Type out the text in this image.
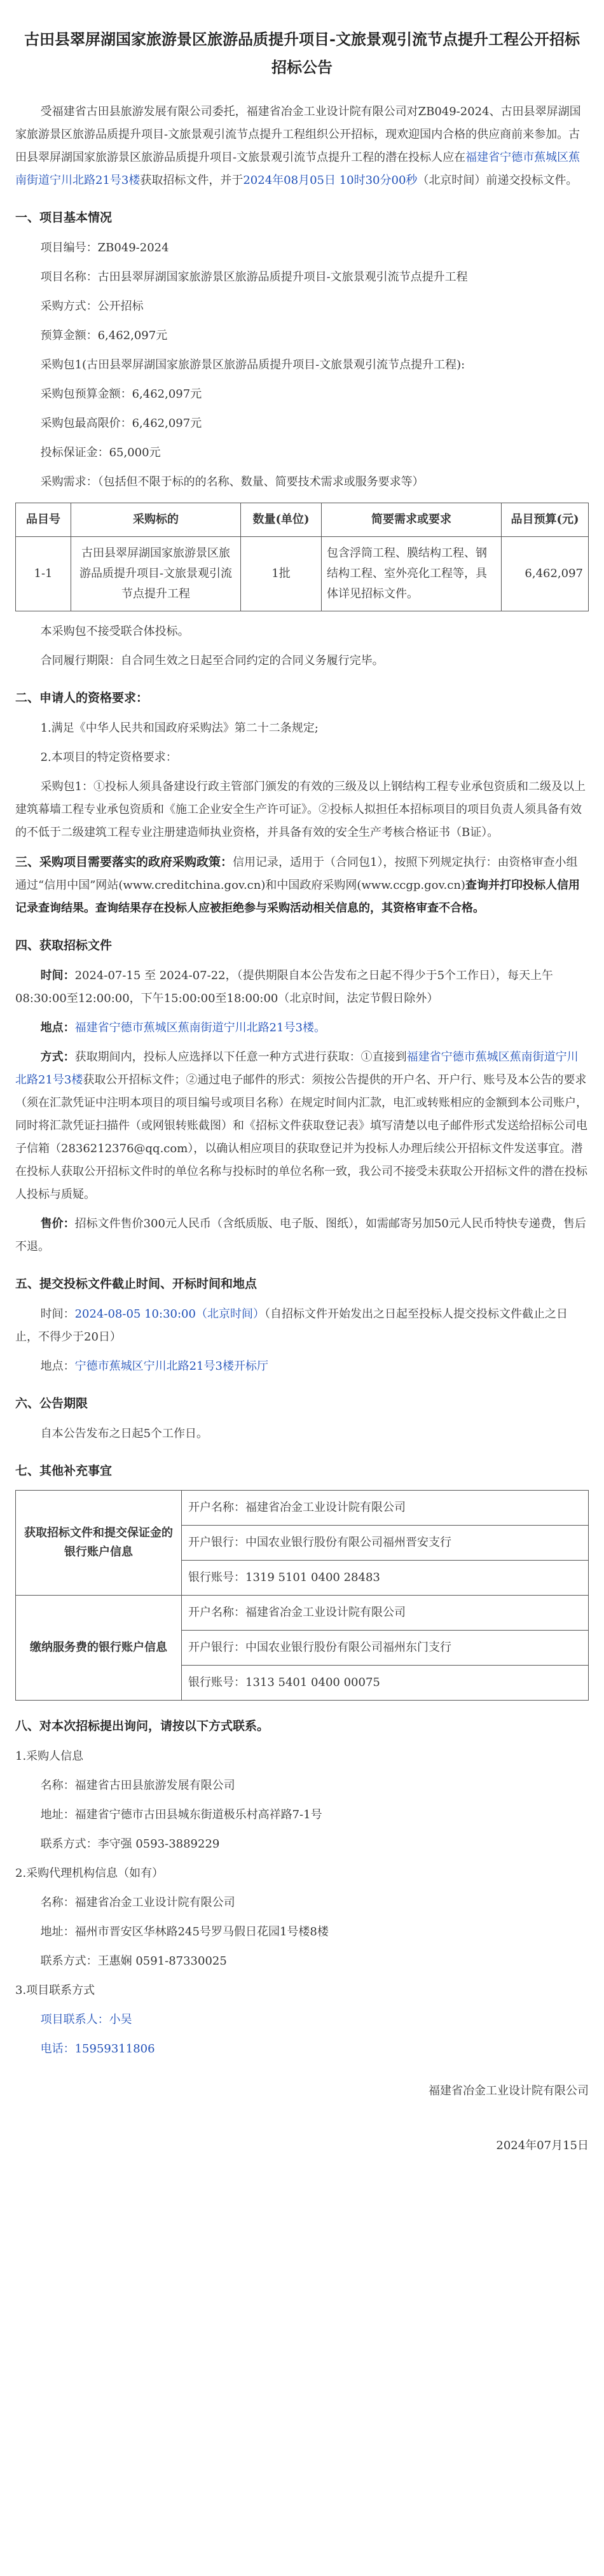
古田县翠屏湖国家旅游景区旅游品质提升项目-文旅景观引流节点提升工程公开招标招标公告

受福建省古田县旅游发展有限公司委托，福建省冶金工业设计院有限公司对ZB049-2024、古田县翠屏湖国家旅游景区旅游品质提升项目-文旅景观引流节点提升工程组织公开招标，现欢迎国内合格的供应商前来参加。古田县翠屏湖国家旅游景区旅游品质提升项目-文旅景观引流节点提升工程的潜在投标人应在福建省宁德市蕉城区蕉南街道宁川北路21号3楼获取招标文件，并于2024年08月05日 10时30分00秒（北京时间）前递交投标文件。

一、项目基本情况

项目编号：ZB049-2024

项目名称：古田县翠屏湖国家旅游景区旅游品质提升项目-文旅景观引流节点提升工程

采购方式：公开招标

预算金额：6,462,097元

采购包1(古田县翠屏湖国家旅游景区旅游品质提升项目-文旅景观引流节点提升工程):

采购包预算金额：6,462,097元

采购包最高限价：6,462,097元

投标保证金：65,000元

采购需求：（包括但不限于标的的名称、数量、简要技术需求或服务要求等）

品目号	采购标的	数量(单位)	简要需求或要求	品目预算(元)
1-1	古田县翠屏湖国家旅游景区旅游品质提升项目-文旅景观引流节点提升工程	1批	包含浮筒工程、膜结构工程、钢结构工程、室外亮化工程等，具体详见招标文件。	6,462,097

本采购包不接受联合体投标。

合同履行期限：自合同生效之日起至合同约定的合同义务履行完毕。

二、申请人的资格要求：

1.满足《中华人民共和国政府采购法》第二十二条规定;

2.本项目的特定资格要求：

采购包1：①投标人须具备建设行政主管部门颁发的有效的三级及以上钢结构工程专业承包资质和二级及以上建筑幕墙工程专业承包资质和《施工企业安全生产许可证》。②投标人拟担任本招标项目的项目负责人须具备有效的不低于二级建筑工程专业注册建造师执业资格，并具备有效的安全生产考核合格证书（B证）。

三、采购项目需要落实的政府采购政策：信用记录，适用于（合同包1），按照下列规定执行：由资格审查小组通过“信用中国”网站(www.creditchina.gov.cn)和中国政府采购网(www.ccgp.gov.cn)查询并打印投标人信用记录查询结果。查询结果存在投标人应被拒绝参与采购活动相关信息的，其资格审查不合格。

四、获取招标文件

时间：2024-07-15 至 2024-07-22，（提供期限自本公告发布之日起不得少于5个工作日），每天上午08:30:00至12:00:00，下午15:00:00至18:00:00（北京时间，法定节假日除外）

地点：福建省宁德市蕉城区蕉南街道宁川北路21号3楼。

方式：获取期间内，投标人应选择以下任意一种方式进行获取：①直接到福建省宁德市蕉城区蕉南街道宁川北路21号3楼获取公开招标文件；②通过电子邮件的形式：须按公告提供的开户名、开户行、账号及本公告的要求（须在汇款凭证中注明本项目的项目编号或项目名称）在规定时间内汇款，电汇或转账相应的金额到本公司账户，同时将汇款凭证扫描件（或网银转账截图）和《招标文件获取登记表》填写清楚以电子邮件形式发送给招标公司电子信箱（2836212376@qq.com），以确认相应项目的获取登记并为投标人办理后续公开招标文件发送事宜。潜在投标人获取公开招标文件时的单位名称与投标时的单位名称一致，我公司不接受未获取公开招标文件的潜在投标人投标与质疑。

售价：招标文件售价300元人民币（含纸质版、电子版、图纸），如需邮寄另加50元人民币特快专递费，售后不退。

五、提交投标文件截止时间、开标时间和地点

时间：2024-08-05 10:30:00（北京时间）（自招标文件开始发出之日起至投标人提交投标文件截止之日止，不得少于20日）

地点：宁德市蕉城区宁川北路21号3楼开标厅

六、公告期限

自本公告发布之日起5个工作日。

七、其他补充事宜
获取招标文件和提交保证金的银行账户信息	开户名称：福建省冶金工业设计院有限公司
	开户银行：中国农业银行股份有限公司福州晋安支行
	银行账号：1319 5101 0400 28483
缴纳服务费的银行账户信息	开户名称：福建省冶金工业设计院有限公司
	开户银行：中国农业银行股份有限公司福州东门支行
	银行账号：1313 5401 0400 00075
八、对本次招标提出询问，请按以下方式联系。

1.采购人信息

名称：福建省古田县旅游发展有限公司

地址：福建省宁德市古田县城东街道极乐村高祥路7-1号

联系方式：李守强 0593-3889229

2.采购代理机构信息（如有）

名称：福建省冶金工业设计院有限公司

地址：福州市晋安区华林路245号罗马假日花园1号楼8楼

联系方式：王惠娴 0591-87330025

3.项目联系方式

项目联系人：小吴

电话：15959311806

福建省冶金工业设计院有限公司

2024年07月15日
